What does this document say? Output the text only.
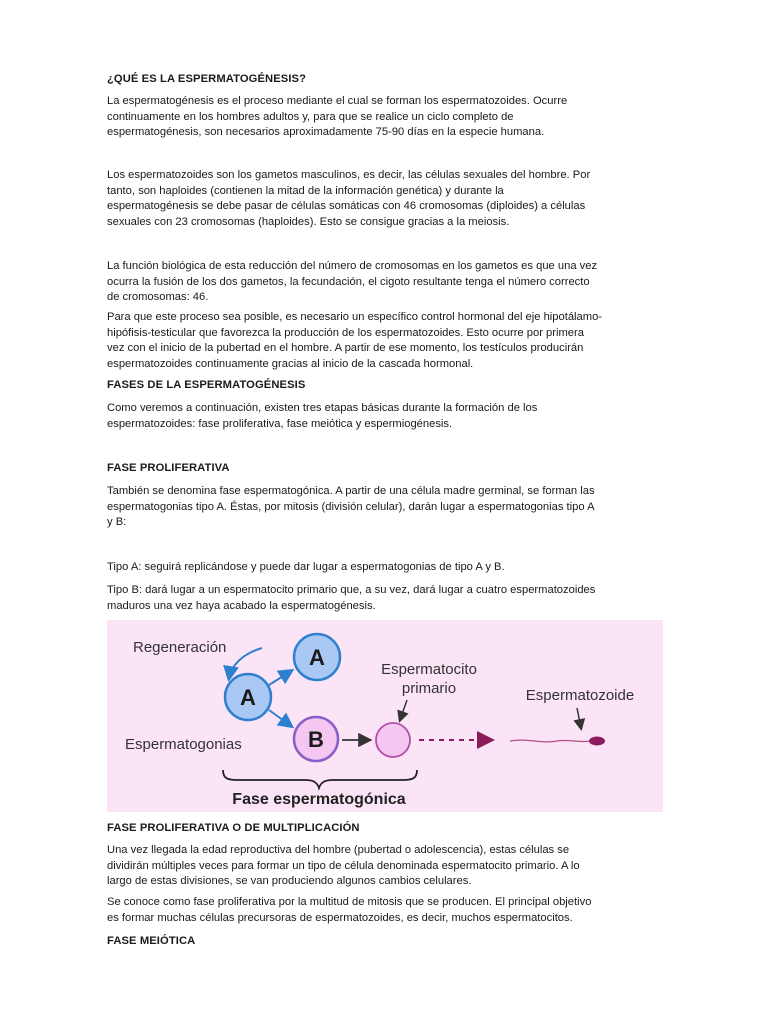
¿QUÉ ES LA ESPERMATOGÉNESIS?
La espermatogénesis es el proceso mediante el cual se forman los espermatozoides. Ocurre
continuamente en los hombres adultos y, para que se realice un ciclo completo de
espermatogénesis, son necesarios aproximadamente 75-90 días en la especie humana.
Los espermatozoides son los gametos masculinos, es decir, las células sexuales del hombre. Por
tanto, son haploides (contienen la mitad de la información genética) y durante la
espermatogénesis se debe pasar de células somáticas con 46 cromosomas (diploides) a células
sexuales con 23 cromosomas (haploides). Esto se consigue gracias a la meiosis.
La función biológica de esta reducción del número de cromosomas en los gametos es que una vez
ocurra la fusión de los dos gametos, la fecundación, el cigoto resultante tenga el número correcto
de cromosomas: 46.
Para que este proceso sea posible, es necesario un específico control hormonal del eje hipotálamo-
hipófisis-testicular que favorezca la producción de los espermatozoides. Esto ocurre por primera
vez con el inicio de la pubertad en el hombre. A partir de ese momento, los testículos producirán
espermatozoides continuamente gracias al inicio de la cascada hormonal.
FASES DE LA ESPERMATOGÉNESIS
Como veremos a continuación, existen tres etapas básicas durante la formación de los
espermatozoides: fase proliferativa, fase meiótica y espermiogénesis.
FASE PROLIFERATIVA
También se denomina fase espermatogónica. A partir de una célula madre germinal, se forman las
espermatogonias tipo A. Éstas, por mitosis (división celular), darán lugar a espermatogonias tipo A
y B:
Tipo A: seguirá replicándose y puede dar lugar a espermatogonias de tipo A y B.
Tipo B: dará lugar a un espermatocito primario que, a su vez, dará lugar a cuatro espermatozoides
maduros una vez haya acabado la espermatogénesis.
FASE PROLIFERATIVA O DE MULTIPLICACIÓN
Una vez llegada la edad reproductiva del hombre (pubertad o adolescencia), estas células se
dividirán múltiples veces para formar un tipo de célula denominada espermatocito primario. A lo
largo de estas divisiones, se van produciendo algunos cambios celulares.
Se conoce como fase proliferativa por la multitud de mitosis que se producen. El principal objetivo
es formar muchas células precursoras de espermatozoides, es decir, muchos espermatocitos.
FASE MEIÓTICA
Regeneración	A
A
B
Espermatogonias
Espermatocito
primario	Espermatozoide
Fase espermatogónica
